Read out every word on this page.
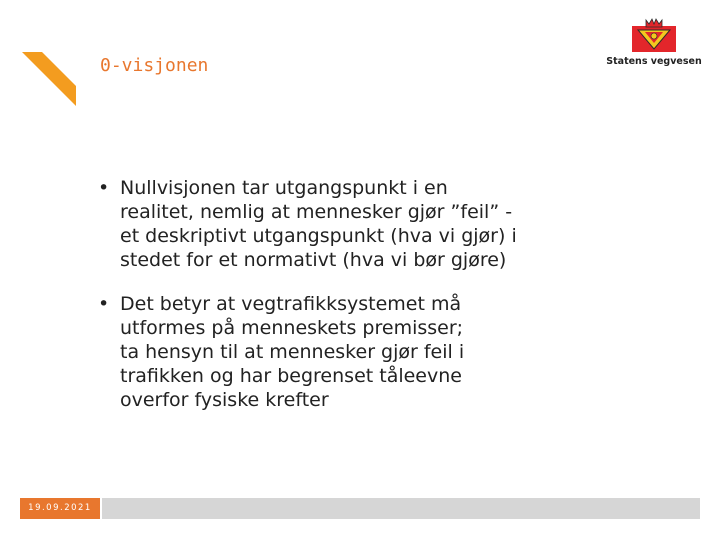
0-visjonen	Statens vegvesen
• Nullvisjonen tar utgangspunkt i en
realitet, nemlig at mennesker gjør ”feil” -
et deskriptivt utgangspunkt (hva vi gjør) i
stedet for et normativt (hva vi bør gjøre)
• Det betyr at vegtrafikksystemet må
utformes på menneskets premisser;
ta hensyn til at mennesker gjør feil i
trafikken og har begrenset tåleevne
overfor fysiske krefter
19.09.2021
